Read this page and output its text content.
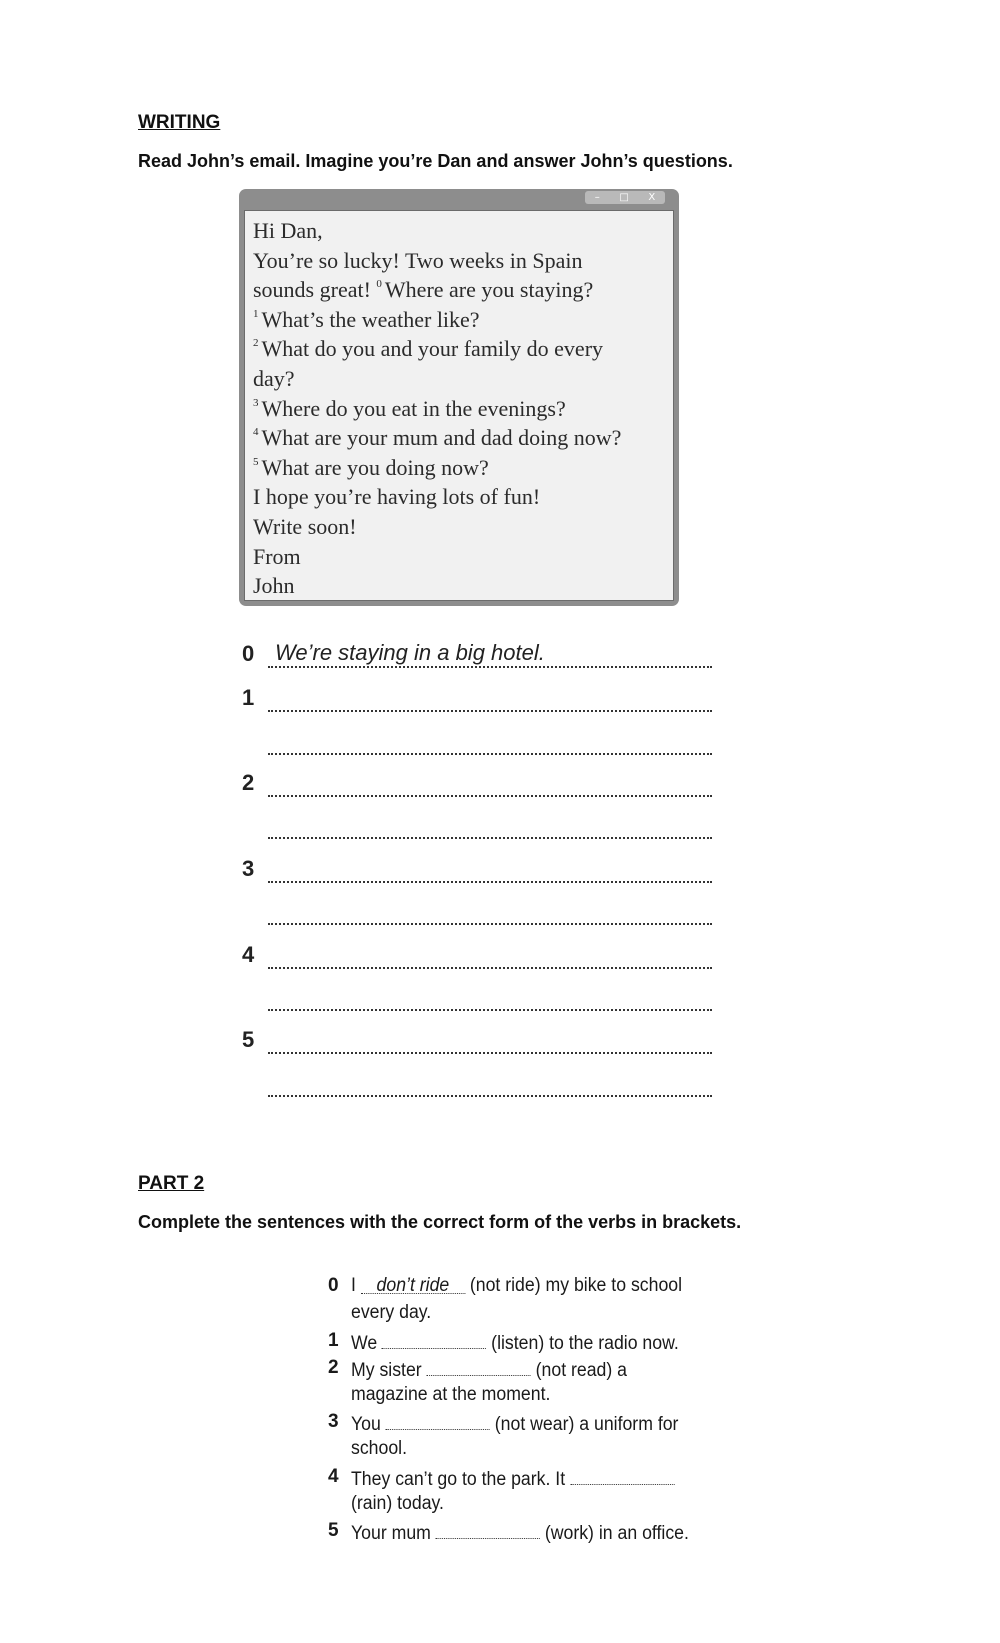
WRITING
Read John’s email. Imagine you’re Dan and answer John’s questions.
– □ X
Hi Dan,
You’re so lucky! Two weeks in Spain
sounds great! $^0$ Where are you staying?
$^1$ What’s the weather like?
$^2$ What do you and your family do every
day?
$^3$ Where do you eat in the evenings?
$^4$ What are your mum and dad doing now?
$^5$ What are you doing now?
I hope you’re having lots of fun!
Write soon!
From
John
0 We’re staying in a big hotel.
1
2
3
4
5
PART 2
Complete the sentences with the correct form of the verbs in brackets.
0 I don’t ride (not ride) my bike to school
every day.
1 We	(listen) to the radio now.
2 My sister	(not read) a
magazine at the moment.
3 You	(not wear) a uniform for
school.
4 They can’t go to the park. It
(rain) today.
5 Your mum	(work) in an office.
